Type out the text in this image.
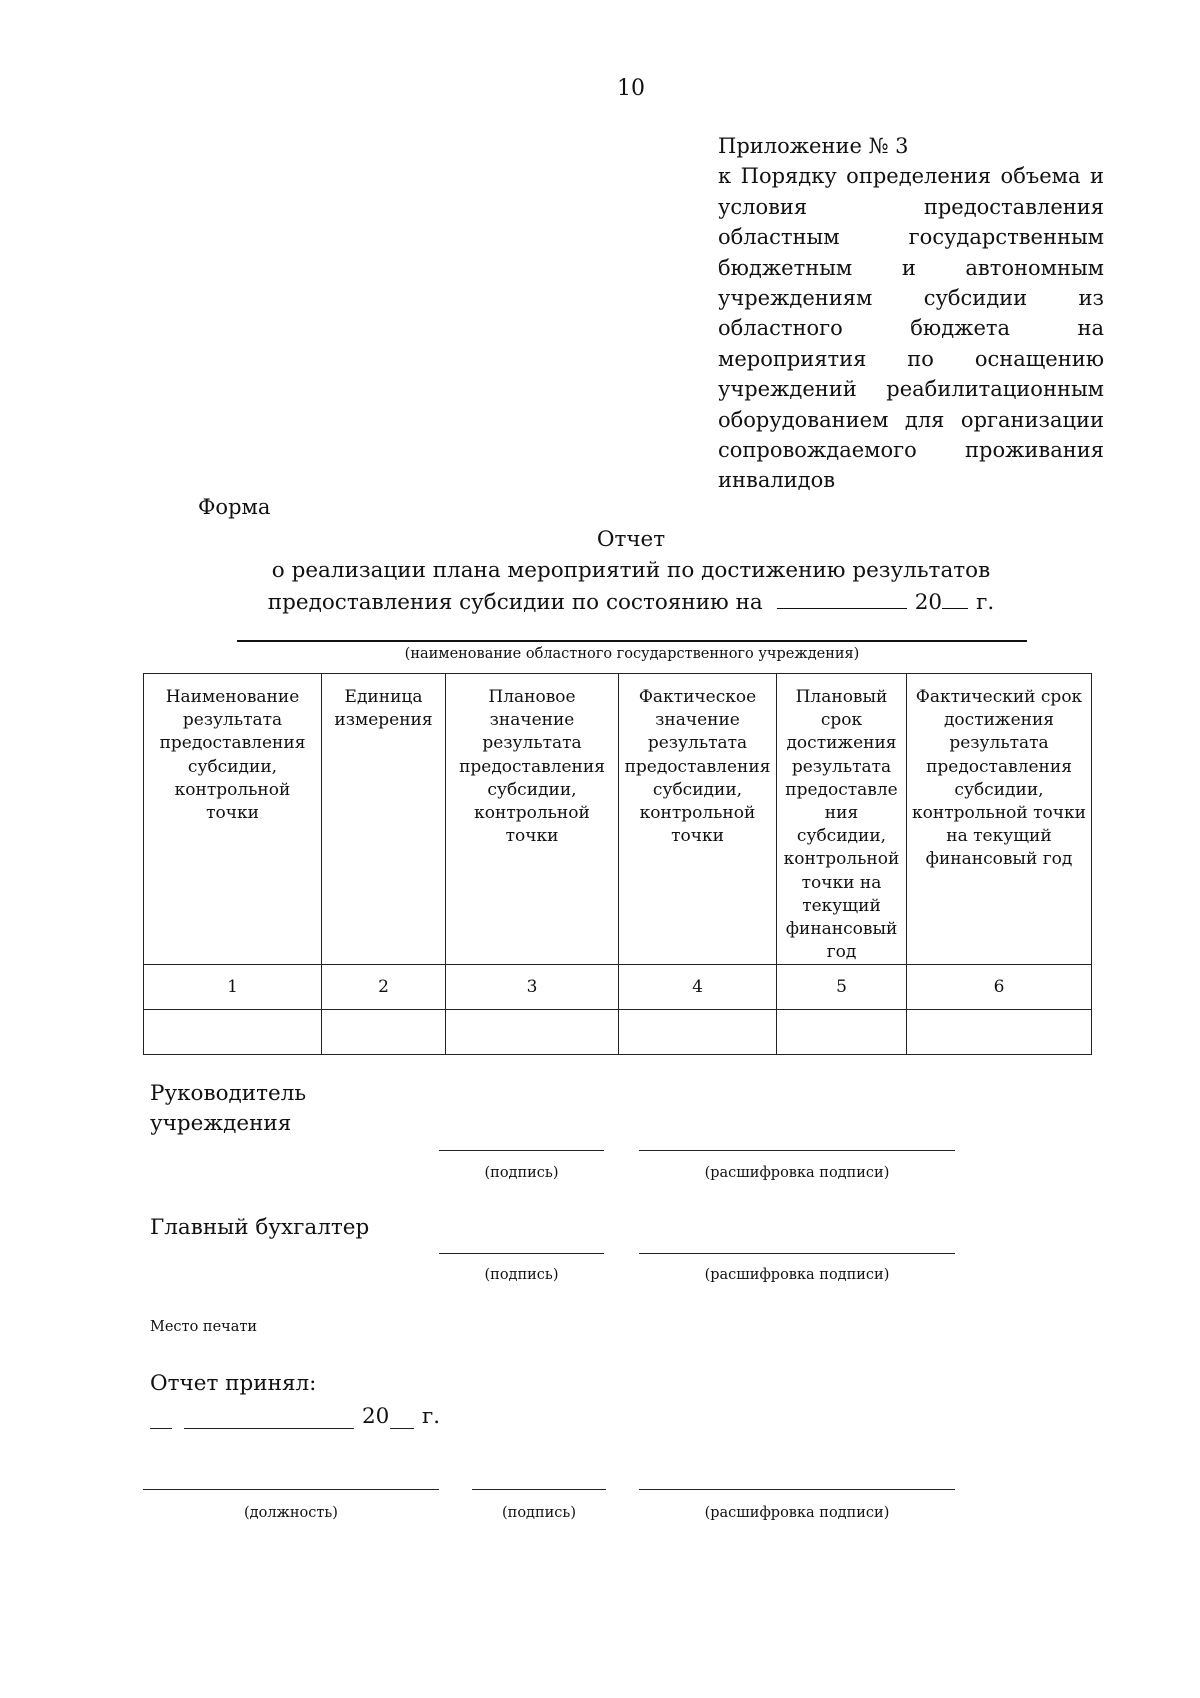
10
Приложение № 3
к Порядку определения объема и условия предоставления областным государственным бюджетным и автономным учреждениям субсидии из областного бюджета на мероприятия по оснащению учреждений реабилитационным оборудованием для организации сопровождаемого проживания инвалидов
Форма
Отчет
о реализации плана мероприятий по достижению результатов
предоставления субсидии по состоянию на	20 г.
(наименование областного государственного учреждения)
Наименование результата предоставления субсидии, контрольной точки	Единица измерения	Плановое значение результата предоставления субсидии, контрольной точки	Фактическое значение результата предоставления субсидии, контрольной точки	Плановый срок достижения результата предоставле ния субсидии, контрольной точки на текущий финансовый год	Фактический срок достижения результата предоставления субсидии, контрольной точки на текущий финансовый год
1	2	3	4	5	6

Руководитель учреждения
(подпись)	(расшифровка подписи)
Главный бухгалтер
(подпись)	(расшифровка подписи)
Место печати
Отчет принял:
20 г.
(должность)	(подпись)	(расшифровка подписи)
